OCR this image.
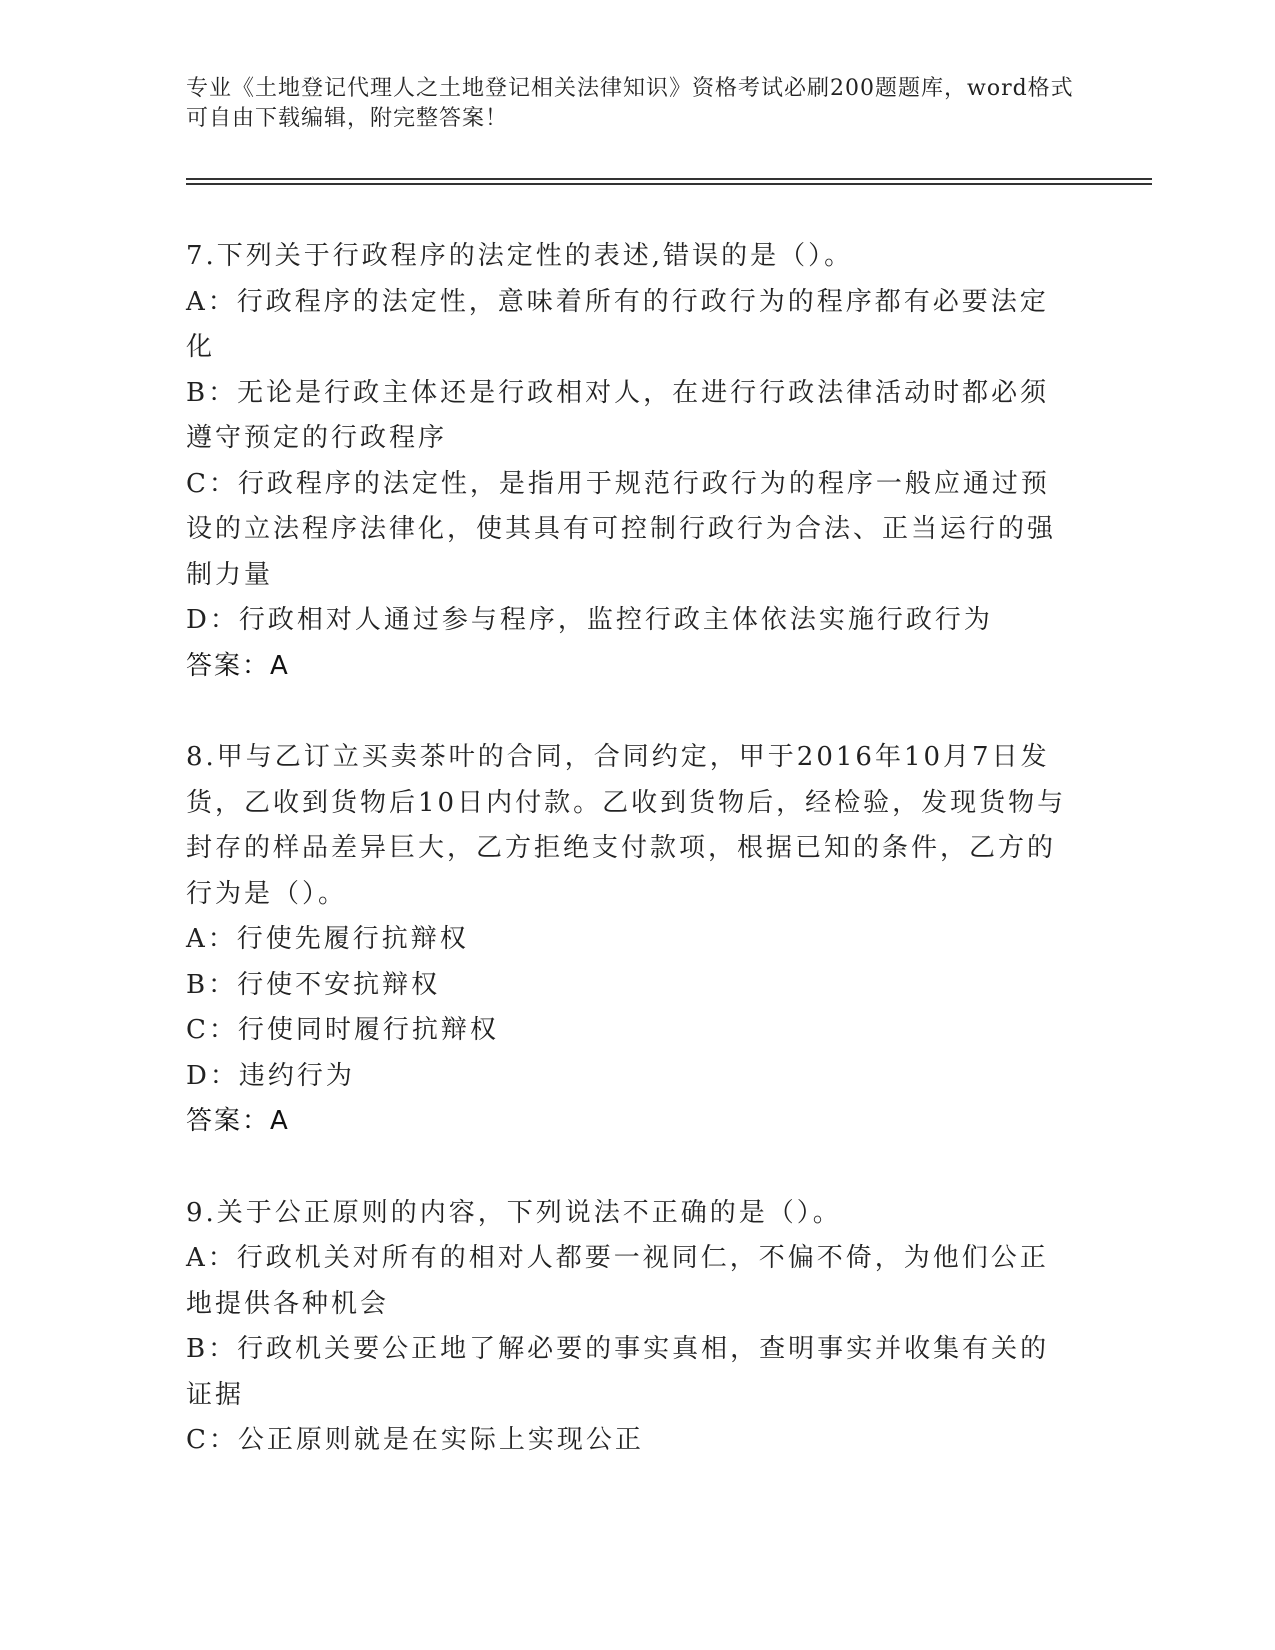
专业《土地登记代理人之土地登记相关法律知识》资格考试必刷200题题库，word格式可自由下载编辑，附完整答案！
7.下列关于行政程序的法定性的表述,错误的是（）。
A：行政程序的法定性，意味着所有的行政行为的程序都有必要法定化
B：无论是行政主体还是行政相对人，在进行行政法律活动时都必须遵守预定的行政程序
C：行政程序的法定性，是指用于规范行政行为的程序一般应通过预设的立法程序法律化，使其具有可控制行政行为合法、正当运行的强制力量
D：行政相对人通过参与程序，监控行政主体依法实施行政行为
答案：A
8.甲与乙订立买卖茶叶的合同，合同约定，甲于2016年10月7日发货，乙收到货物后10日内付款。乙收到货物后，经检验，发现货物与封存的样品差异巨大，乙方拒绝支付款项，根据已知的条件，乙方的行为是（）。
A：行使先履行抗辩权
B：行使不安抗辩权
C：行使同时履行抗辩权
D：违约行为
答案：A
9.关于公正原则的内容，下列说法不正确的是（）。
A：行政机关对所有的相对人都要一视同仁，不偏不倚，为他们公正地提供各种机会
B：行政机关要公正地了解必要的事实真相，查明事实并收集有关的证据
C：公正原则就是在实际上实现公正
